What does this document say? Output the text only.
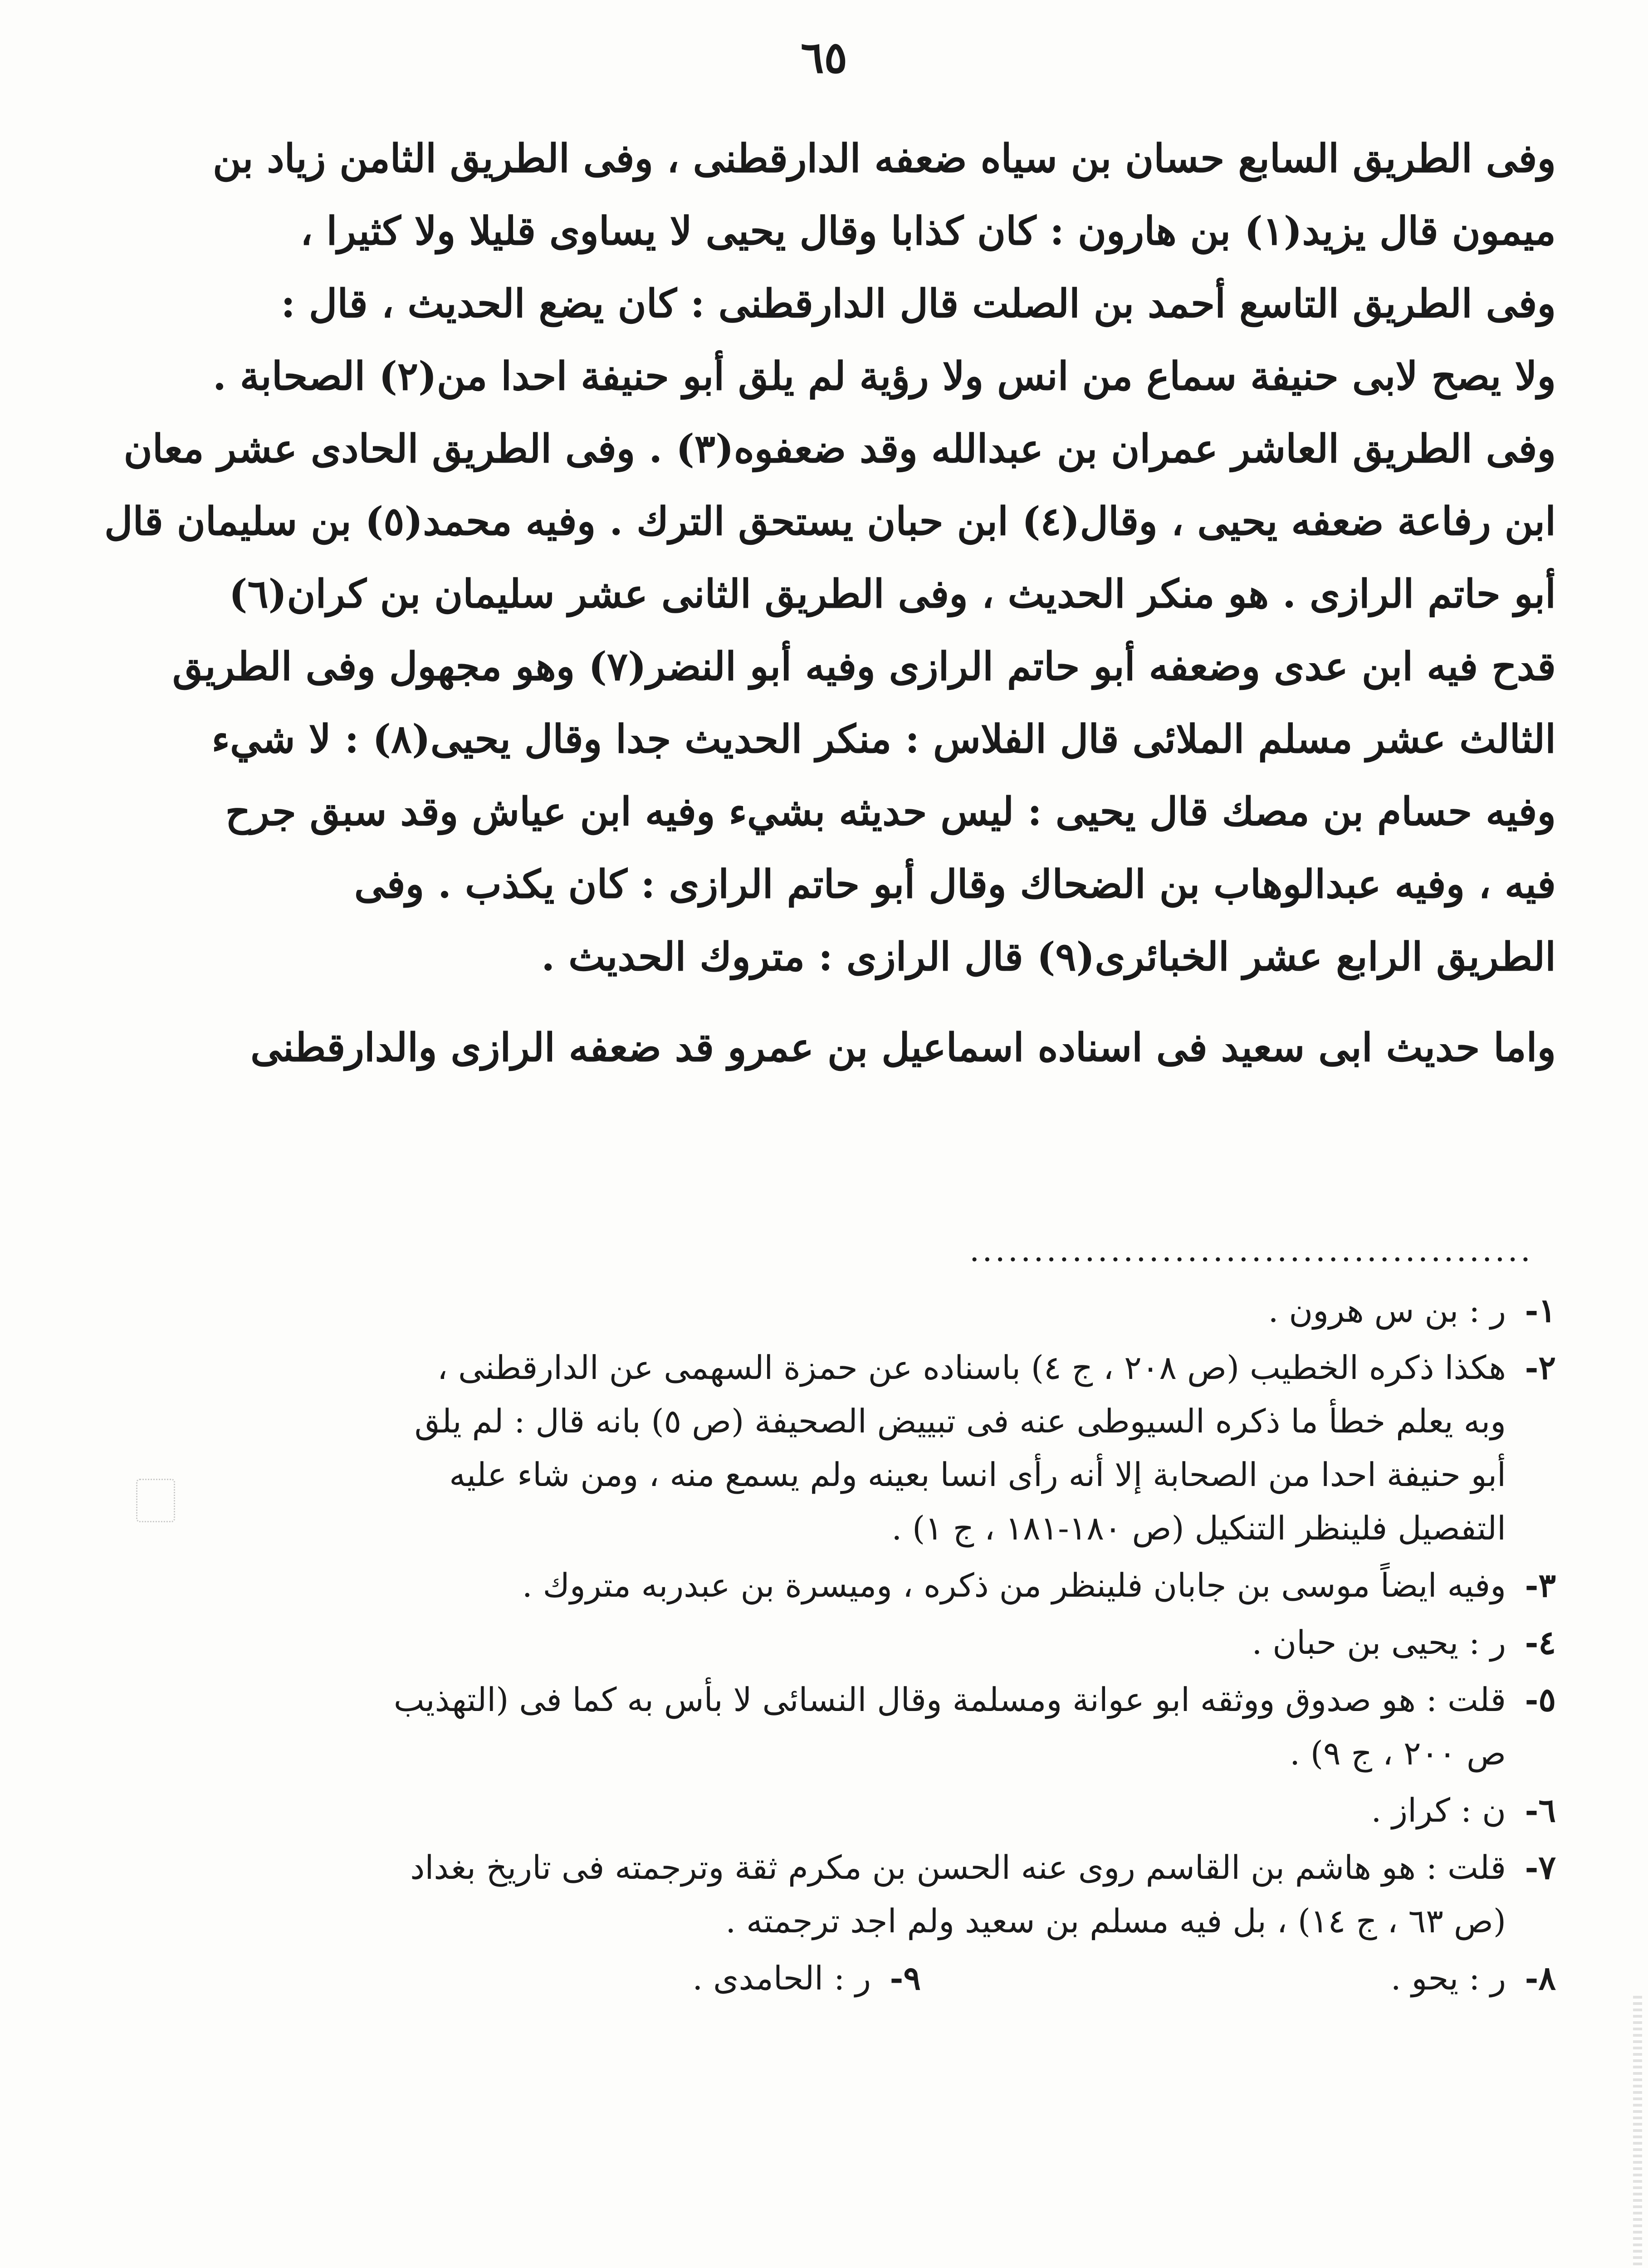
٦٥
وفى الطريق السابع حسان بن سياه ضعفه الدارقطنى ، وفى الطريق الثامن زياد بن
ميمون قال يزيد(١) بن هارون : كان كذابا وقال يحيى لا يساوى قليلا ولا كثيرا ،
وفى الطريق التاسع أحمد بن الصلت قال الدارقطنى : كان يضع الحديث ، قال :
ولا يصح لابى حنيفة سماع من انس ولا رؤية لم يلق أبو حنيفة احدا من(٢) الصحابة .
وفى الطريق العاشر عمران بن عبدالله وقد ضعفوه(٣) . وفى الطريق الحادى عشر معان
ابن رفاعة ضعفه يحيى ، وقال(٤) ابن حبان يستحق الترك . وفيه محمد(٥) بن سليمان قال
أبو حاتم الرازى . هو منكر الحديث ، وفى الطريق الثانى عشر سليمان بن كران(٦)
قدح فيه ابن عدى وضعفه أبو حاتم الرازى وفيه أبو النضر(٧) وهو مجهول وفى الطريق
الثالث عشر مسلم الملائى قال الفلاس : منكر الحديث جدا وقال يحيى(٨) : لا شيء
وفيه حسام بن مصك قال يحيى : ليس حديثه بشيء وفيه ابن عياش وقد سبق جرح
فيه ، وفيه عبدالوهاب بن الضحاك وقال أبو حاتم الرازى : كان يكذب . وفى
الطريق الرابع عشر الخبائرى(٩) قال الرازى : متروك الحديث .
واما حديث ابى سعيد فى اسناده اسماعيل بن عمرو قد ضعفه الرازى والدارقطنى
............................................
١-
ر : بن س هرون .
٢-
هكذا ذكره الخطيب (ص ٢٠٨ ، ج ٤) باسناده عن حمزة السهمى عن الدارقطنى ،
وبه يعلم خطأ ما ذكره السيوطى عنه فى تبييض الصحيفة (ص ٥) بانه قال : لم يلق
أبو حنيفة احدا من الصحابة إلا أنه رأى انسا بعينه ولم يسمع منه ، ومن شاء عليه
التفصيل فلينظر التنكيل (ص ١٨٠-١٨١ ، ج ١) .
٣-
وفيه ايضاً موسى بن جابان فلينظر من ذكره ، وميسرة بن عبدربه متروك .
٤-
ر : يحيى بن حبان .
٥-
قلت : هو صدوق ووثقه ابو عوانة ومسلمة وقال النسائى لا بأس به كما فى (التهذيب
ص ٢٠٠ ، ج ٩) .
٦-
ن : كراز .
٧-
قلت : هو هاشم بن القاسم روى عنه الحسن بن مكرم ثقة وترجمته فى تاريخ بغداد
(ص ٦٣ ، ج ١٤) ، بل فيه مسلم بن سعيد ولم اجد ترجمته .
٨-
ر : يحو .
٩-
ر : الحامدى .
